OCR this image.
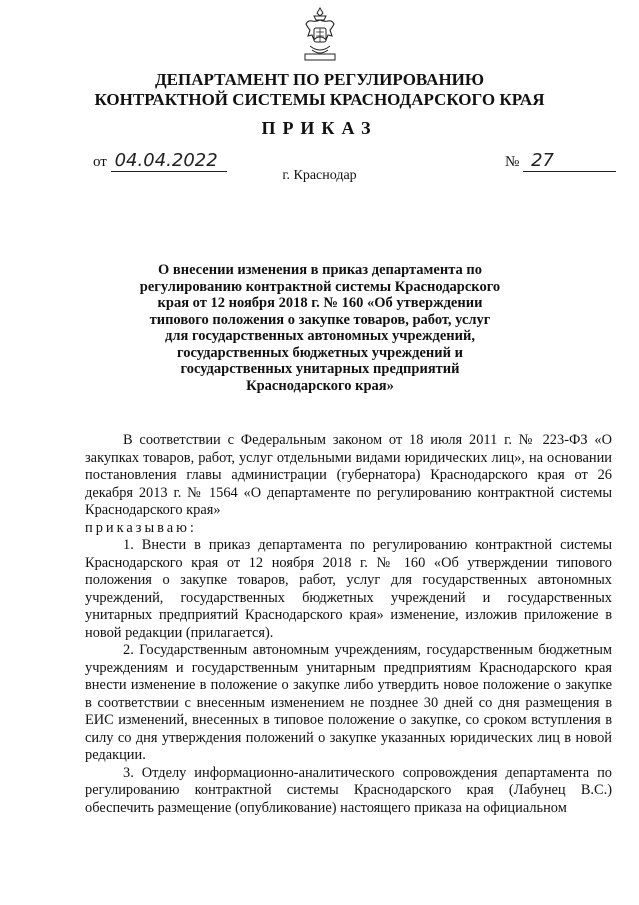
ДЕПАРТАМЕНТ ПО РЕГУЛИРОВАНИЮ
КОНТРАКТНОЙ СИСТЕМЫ КРАСНОДАРСКОГО КРАЯ
ПРИКАЗ
от 04.04.2022	№ 27
г. Краснодар
О внесении изменения в приказ департамента по
регулированию контрактной системы Краснодарского
края от 12 ноября 2018 г. № 160 «Об утверждении
типового положения о закупке товаров, работ, услуг
для государственных автономных учреждений,
государственных бюджетных учреждений и
государственных унитарных предприятий
Краснодарского края»

В соответствии с Федеральным законом от 18 июля 2011 г. № 223-ФЗ «О закупках товаров, работ, услуг отдельными видами юридических лиц», на основании постановления главы администрации (губернатора) Краснодарского края от 26 декабря 2013 г. № 1564 «О департаменте по регулированию контрактной системы Краснодарского края»

приказываю:

1. Внести в приказ департамента по регулированию контрактной системы Краснодарского края от 12 ноября 2018 г. № 160 «Об утверждении типового положения о закупке товаров, работ, услуг для государственных автономных учреждений, государственных бюджетных учреждений и государственных унитарных предприятий Краснодарского края» изменение, изложив приложение в новой редакции (прилагается).

2. Государственным автономным учреждениям, государственным бюджетным учреждениям и государственным унитарным предприятиям Краснодарского края внести изменение в положение о закупке либо утвердить новое положение о закупке в соответствии с внесенным изменением не позднее 30 дней со дня размещения в ЕИС изменений, внесенных в типовое положение о закупке, со сроком вступления в силу со дня утверждения положений о закупке указанных юридических лиц в новой редакции.

3. Отделу информационно-аналитического сопровождения департамента по регулированию контрактной системы Краснодарского края (Лабунец В.С.) обеспечить размещение (опубликование) настоящего приказа на официальном
